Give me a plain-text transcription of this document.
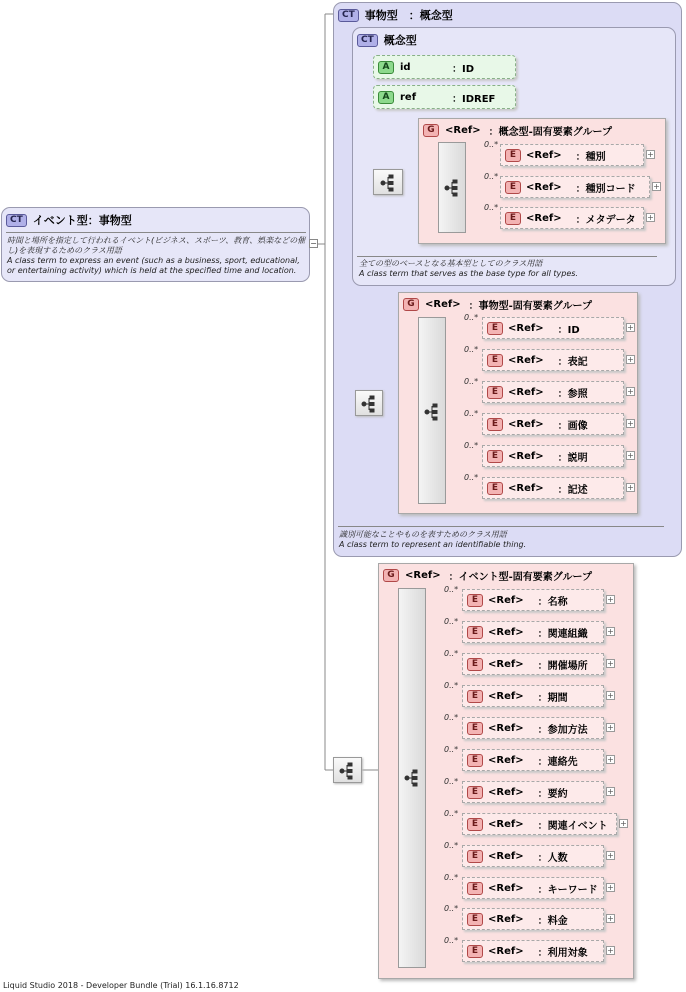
CT イベント型：事物型
時間と場所を指定して行われるイベント(ビジネス、スポーツ、教育、娯楽などの催し)を表現するためのクラス用語
A class term to express an event (such as a business, sport, educational, or entertaining activity) which is held at the specified time and location.
−
CT 事物型　：概念型
識別可能なことやものを表すためのクラス用語
A class term to represent an identifiable thing.
CT 概念型
全ての型のベースとなる基本型としてのクラス用語
A class term that serves as the base type for all types.
A	id	：ID
A	ref	：IDREF
G	<Ref> ：概念型-固有要素グループ
0..*
E <Ref> ：種別	+
0..*
E <Ref> ：種別コード +
0..*
E <Ref> ：メタデータ +
G	<Ref> ：事物型-固有要素グループ
0..*
E <Ref> ：ID	+
0..*
E <Ref> ：表記	+
0..*
E <Ref> ：参照	+
0..*
E <Ref> ：画像	+
0..*
E <Ref> ：説明	+
0..*
E <Ref> ：記述	+
G	<Ref> ：イベント型-固有要素グループ
0..*
E <Ref> ：名称	+
0..*
E <Ref> ：関連組織 +
0..*
E <Ref> ：開催場所 +
0..*
E <Ref> ：期間	+
0..*
E <Ref> ：参加方法 +
0..*
E <Ref> ：連絡先	+
0..*
E <Ref> ：要約	+
0..*
E <Ref> ：関連イベント +
0..*
E <Ref> ：人数	+
0..*
E <Ref> ：キーワード +
0..*
E <Ref> ：料金	+
0..*
E <Ref> ：利用対象 +
Liquid Studio 2018 - Developer Bundle (Trial) 16.1.16.8712
